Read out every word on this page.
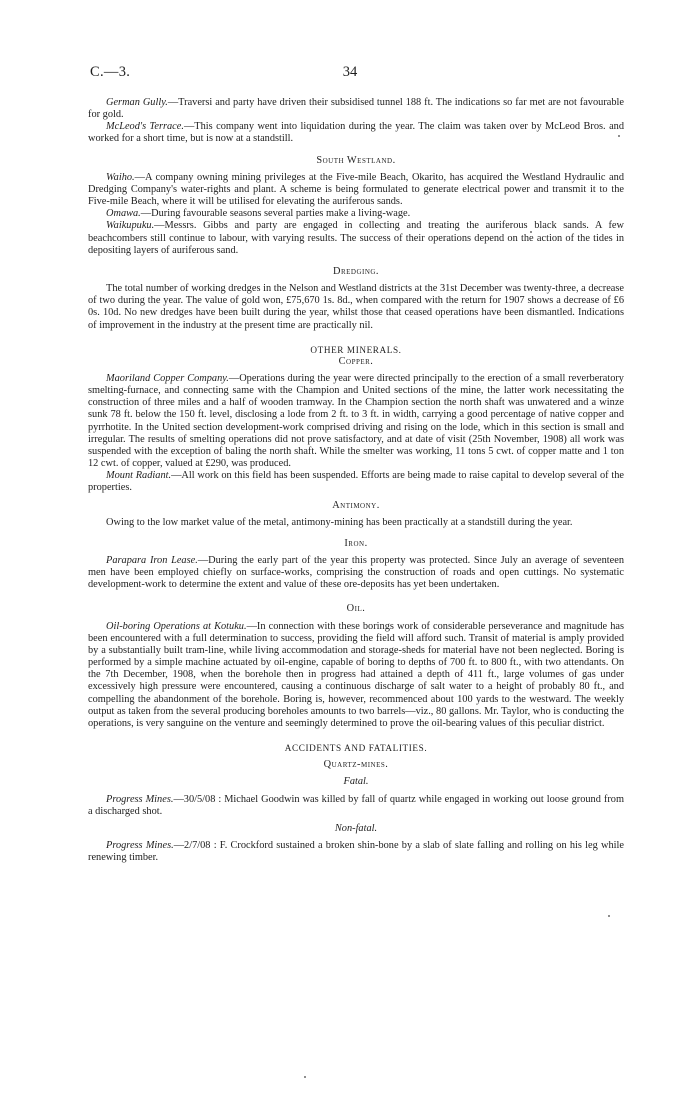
C.—3.	34

German Gully.—Traversi and party have driven their subsidised tunnel 188 ft. The indications so far met are not favourable for gold.

McLeod's Terrace.—This company went into liquidation during the year. The claim was taken over by McLeod Bros. and worked for a short time, but is now at a standstill.

South Westland.

Waiho.—A company owning mining privileges at the Five-mile Beach, Okarito, has acquired the Westland Hydraulic and Dredging Company's water-rights and plant. A scheme is being formulated to generate electrical power and transmit it to the Five-mile Beach, where it will be utilised for elevating the auriferous sands.

Omawa.—During favourable seasons several parties make a living-wage.

Waikupuku.—Messrs. Gibbs and party are engaged in collecting and treating the auriferous black sands. A few beachcombers still continue to labour, with varying results. The success of their operations depend on the action of the tides in depositing layers of auriferous sand.

Dredging.

The total number of working dredges in the Nelson and Westland districts at the 31st December was twenty-three, a decrease of two during the year. The value of gold won, £75,670 1s. 8d., when compared with the return for 1907 shows a decrease of £6 0s. 10d. No new dredges have been built during the year, whilst those that ceased operations have been dismantled. Indications of improvement in the industry at the present time are practically nil.

OTHER MINERALS.
Copper.

Maoriland Copper Company.—Operations during the year were directed principally to the erection of a small reverberatory smelting-furnace, and connecting same with the Champion and United sections of the mine, the latter work necessitating the construction of three miles and a half of wooden tramway. In the Champion section the north shaft was unwatered and a winze sunk 78 ft. below the 150 ft. level, disclosing a lode from 2 ft. to 3 ft. in width, carrying a good percentage of native copper and pyrrhotite. In the United section development-work comprised driving and rising on the lode, which in this section is small and irregular. The results of smelting operations did not prove satisfactory, and at date of visit (25th November, 1908) all work was suspended with the exception of baling the north shaft. While the smelter was working, 11 tons 5 cwt. of copper matte and 1 ton 12 cwt. of copper, valued at £290, was produced.

Mount Radiant.—All work on this field has been suspended. Efforts are being made to raise capital to develop several of the properties.

Antimony.

Owing to the low market value of the metal, antimony-mining has been practically at a standstill during the year.

Iron.

Parapara Iron Lease.—During the early part of the year this property was protected. Since July an average of seventeen men have been employed chiefly on surface-works, comprising the construction of roads and open cuttings. No systematic development-work to determine the extent and value of these ore-deposits has yet been undertaken.

Oil.

Oil-boring Operations at Kotuku.—In connection with these borings work of considerable perseverance and magnitude has been encountered with a full determination to success, providing the field will afford such. Transit of material is amply provided by a substantially built tram-line, while living accommodation and storage-sheds for material have not been neglected. Boring is performed by a simple machine actuated by oil-engine, capable of boring to depths of 700 ft. to 800 ft., with two attendants. On the 7th December, 1908, when the borehole then in progress had attained a depth of 411 ft., large volumes of gas under excessively high pressure were encountered, causing a continuous discharge of salt water to a height of probably 80 ft., and compelling the abandonment of the borehole. Boring is, however, recommenced about 100 yards to the westward. The weekly output as taken from the several producing boreholes amounts to two barrels—viz., 80 gallons. Mr. Taylor, who is conducting the operations, is very sanguine on the venture and seemingly determined to prove the oil-bearing values of this peculiar district.

ACCIDENTS AND FATALITIES.
Quartz-mines.
Fatal.

Progress Mines.—30/5/08 : Michael Goodwin was killed by fall of quartz while engaged in working out loose ground from a discharged shot.

Non-fatal.

Progress Mines.—2/7/08 : F. Crockford sustained a broken shin-bone by a slab of slate falling and rolling on his leg while renewing timber.
